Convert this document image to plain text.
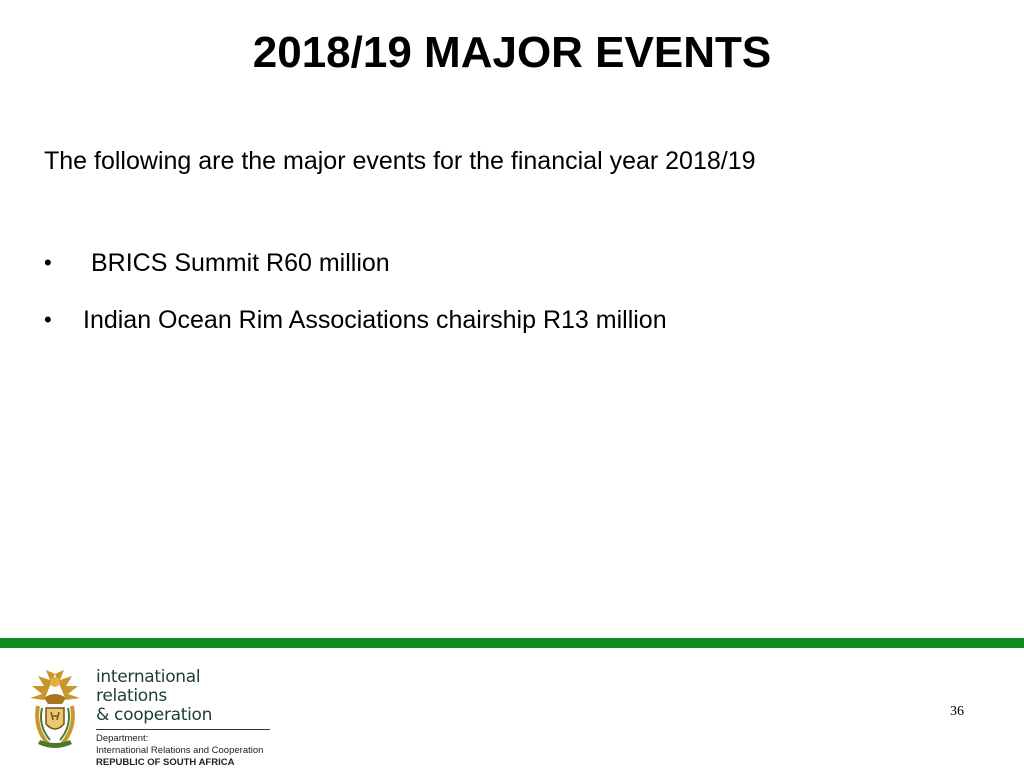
2018/19 MAJOR EVENTS

The following are the major events for the financial year 2018/19

• BRICS Summit R60 million
• Indian Ocean Rim Associations chairship R13 million
international relations
& cooperation
Department:
International Relations and Cooperation
REPUBLIC OF SOUTH AFRICA
36
